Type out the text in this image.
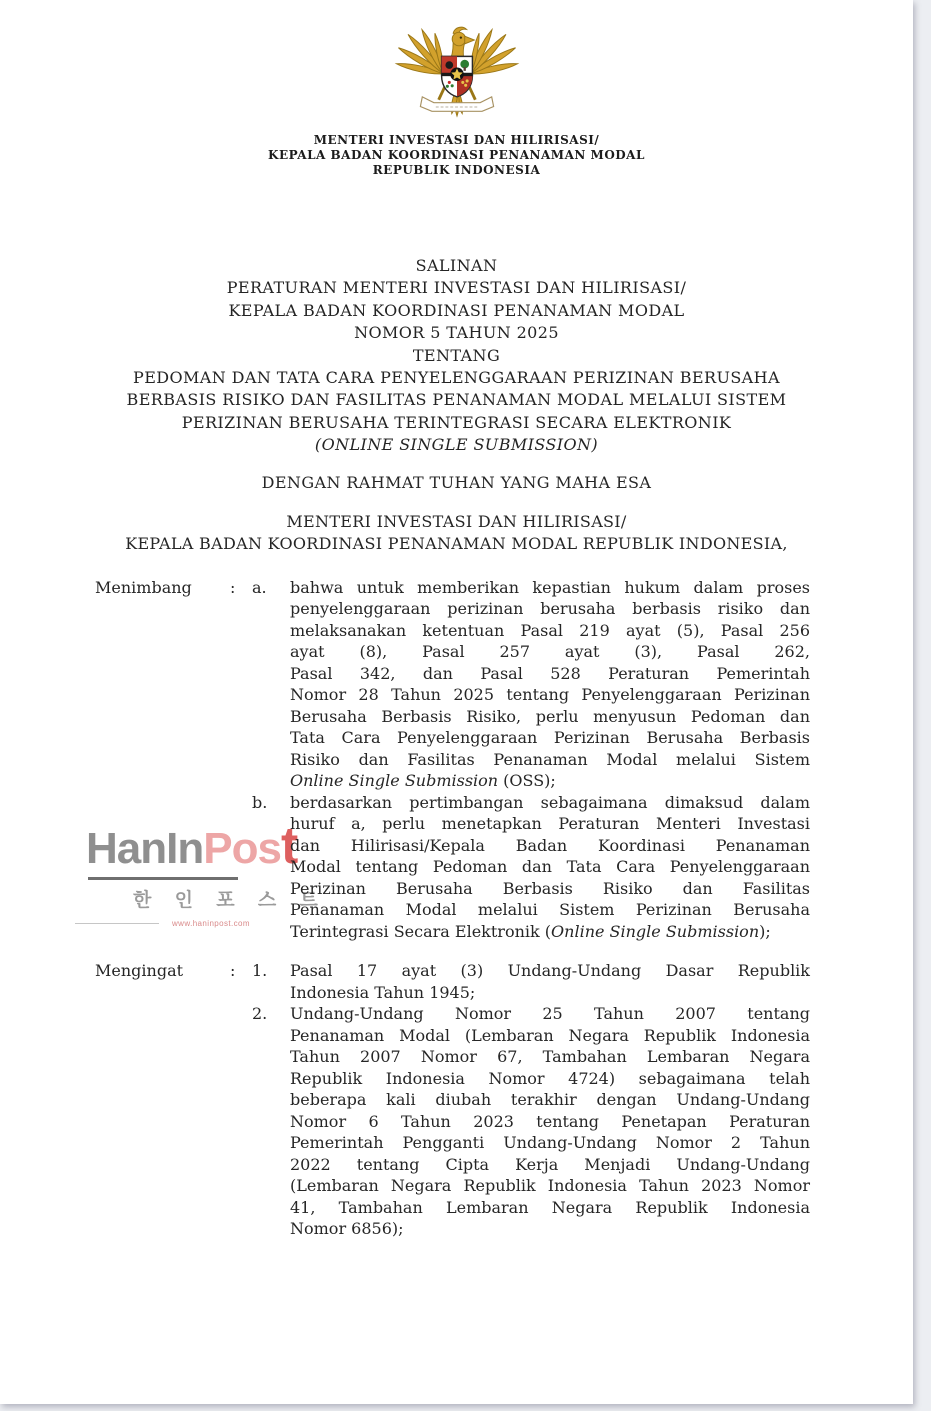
HanInPost
한 인 포 스 트
www.haninpost.com
MENTERI INVESTASI DAN HILIRISASI/
KEPALA BADAN KOORDINASI PENANAMAN MODAL
REPUBLIK INDONESIA
SALINAN
PERATURAN MENTERI INVESTASI DAN HILIRISASI/
KEPALA BADAN KOORDINASI PENANAMAN MODAL
NOMOR 5 TAHUN 2025
TENTANG
PEDOMAN DAN TATA CARA PENYELENGGARAAN PERIZINAN BERUSAHA
BERBASIS RISIKO DAN FASILITAS PENANAMAN MODAL MELALUI SISTEM
PERIZINAN BERUSAHA TERINTEGRASI SECARA ELEKTRONIK
(ONLINE SINGLE SUBMISSION)
DENGAN RAHMAT TUHAN YANG MAHA ESA
MENTERI INVESTASI DAN HILIRISASI/
KEPALA BADAN KOORDINASI PENANAMAN MODAL REPUBLIK INDONESIA,
Menimbang	:	a.	bahwa untuk memberikan kepastian hukum dalam proses
penyelenggaraan perizinan berusaha berbasis risiko dan
melaksanakan ketentuan Pasal 219 ayat (5), Pasal 256
ayat (8), Pasal 257 ayat (3), Pasal 262,
Pasal 342, dan Pasal 528 Peraturan Pemerintah
Nomor 28 Tahun 2025 tentang Penyelenggaraan Perizinan
Berusaha Berbasis Risiko, perlu menyusun Pedoman dan
Tata Cara Penyelenggaraan Perizinan Berusaha Berbasis
Risiko dan Fasilitas Penanaman Modal melalui Sistem
Online Single Submission (OSS);
b.	berdasarkan pertimbangan sebagaimana dimaksud dalam
huruf a, perlu menetapkan Peraturan Menteri Investasi
dan Hilirisasi/Kepala Badan Koordinasi Penanaman
Modal tentang Pedoman dan Tata Cara Penyelenggaraan
Perizinan Berusaha Berbasis Risiko dan Fasilitas
Penanaman Modal melalui Sistem Perizinan Berusaha
Terintegrasi Secara Elektronik (Online Single Submission);
Mengingat	:	1.	Pasal 17 ayat (3) Undang-Undang Dasar Republik
Indonesia Tahun 1945;
2.	Undang-Undang Nomor 25 Tahun 2007 tentang
Penanaman Modal (Lembaran Negara Republik Indonesia
Tahun 2007 Nomor 67, Tambahan Lembaran Negara
Republik Indonesia Nomor 4724) sebagaimana telah
beberapa kali diubah terakhir dengan Undang-Undang
Nomor 6 Tahun 2023 tentang Penetapan Peraturan
Pemerintah Pengganti Undang-Undang Nomor 2 Tahun
2022 tentang Cipta Kerja Menjadi Undang-Undang
(Lembaran Negara Republik Indonesia Tahun 2023 Nomor
41, Tambahan Lembaran Negara Republik Indonesia
Nomor 6856);
